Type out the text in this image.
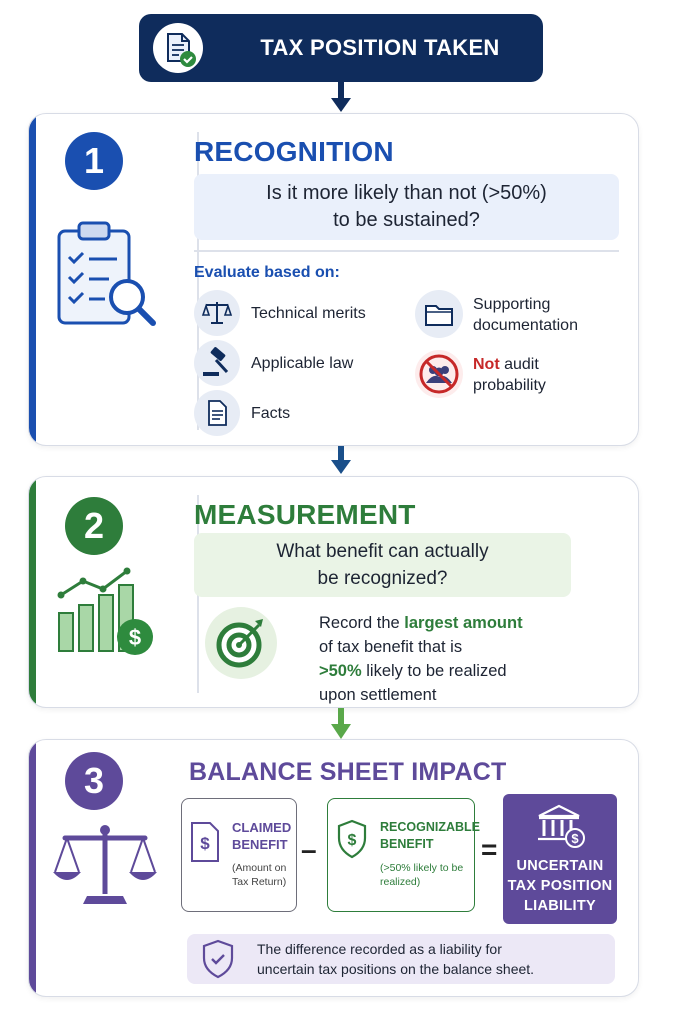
TAX POSITION TAKEN
1	RECOGNITION
Is it more likely than not (>50%)
to be sustained?
Evaluate based on:
Technical merits
Applicable law
Facts
Supporting
documentation
Not audit
probability
2
$
MEASUREMENT
What benefit can actually
be recognized?
Record the largest amount
of tax benefit that is
>50% likely to be realized
upon settlement
3	BALANCE SHEET IMPACT
$
CLAIMED
BENEFIT
(Amount on
Tax Return)
– $
RECOGNIZABLE
BENEFIT
(>50% likely to be
realized)
=	$
UNCERTAIN
TAX POSITION
LIABILITY
The difference recorded as a liability for
uncertain tax positions on the balance sheet.
